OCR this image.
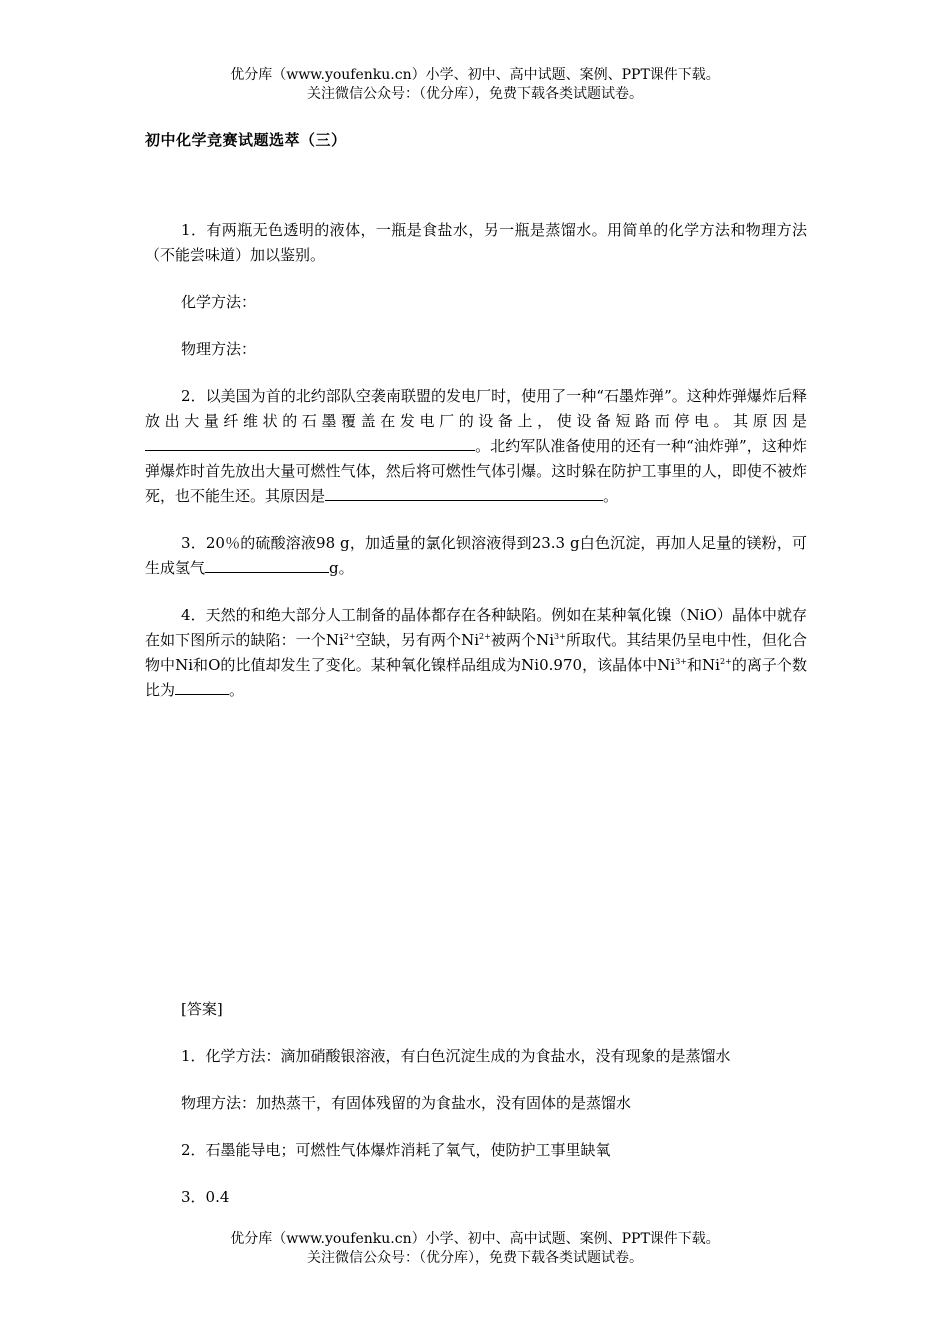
优分库（www.youfenku.cn）小学、初中、高中试题、案例、PPT课件下载。
关注微信公众号：（优分库），免费下载各类试题试卷。
初中化学竞赛试题选萃（三）

1．有两瓶无色透明的液体，一瓶是食盐水，另一瓶是蒸馏水。用简单的化学方法和物理方法（不能尝味道）加以鉴别。

化学方法：

物理方法：

2．以美国为首的北约部队空袭南联盟的发电厂时，使用了一种“石墨炸弹”。这种炸弹爆炸后释放出大量纤维状的石墨覆盖在发电厂的设备上，使设备短路而停电。其原因是。北约军队准备使用的还有一种“油炸弹”，这种炸弹爆炸时首先放出大量可燃性气体，然后将可燃性气体引爆。这时躲在防护工事里的人，即使不被炸死，也不能生还。其原因是	。

3．20％的硫酸溶液98 g，加适量的氯化钡溶液得到23.3 g白色沉淀，再加人足量的镁粉，可生成氢气	g。

4．天然的和绝大部分人工制备的晶体都存在各种缺陷。例如在某种氧化镍（NiO）晶体中就存在如下图所示的缺陷：一个$Ni^{2+}$空缺，另有两个$Ni^{2+}$被两个$Ni^{3+}$所取代。其结果仍呈电中性，但化合物中Ni和O的比值却发生了变化。某种氧化镍样品组成为Ni0.970，该晶体中$Ni^{3+}$和$Ni^{2+}$的离子个数比为	。

[答案]

1．化学方法：滴加硝酸银溶液，有白色沉淀生成的为食盐水，没有现象的是蒸馏水

物理方法：加热蒸干，有固体残留的为食盐水，没有固体的是蒸馏水

2．石墨能导电；可燃性气体爆炸消耗了氧气，使防护工事里缺氧

3．0.4

优分库（www.youfenku.cn）小学、初中、高中试题、案例、PPT课件下载。
关注微信公众号：（优分库），免费下载各类试题试卷。
